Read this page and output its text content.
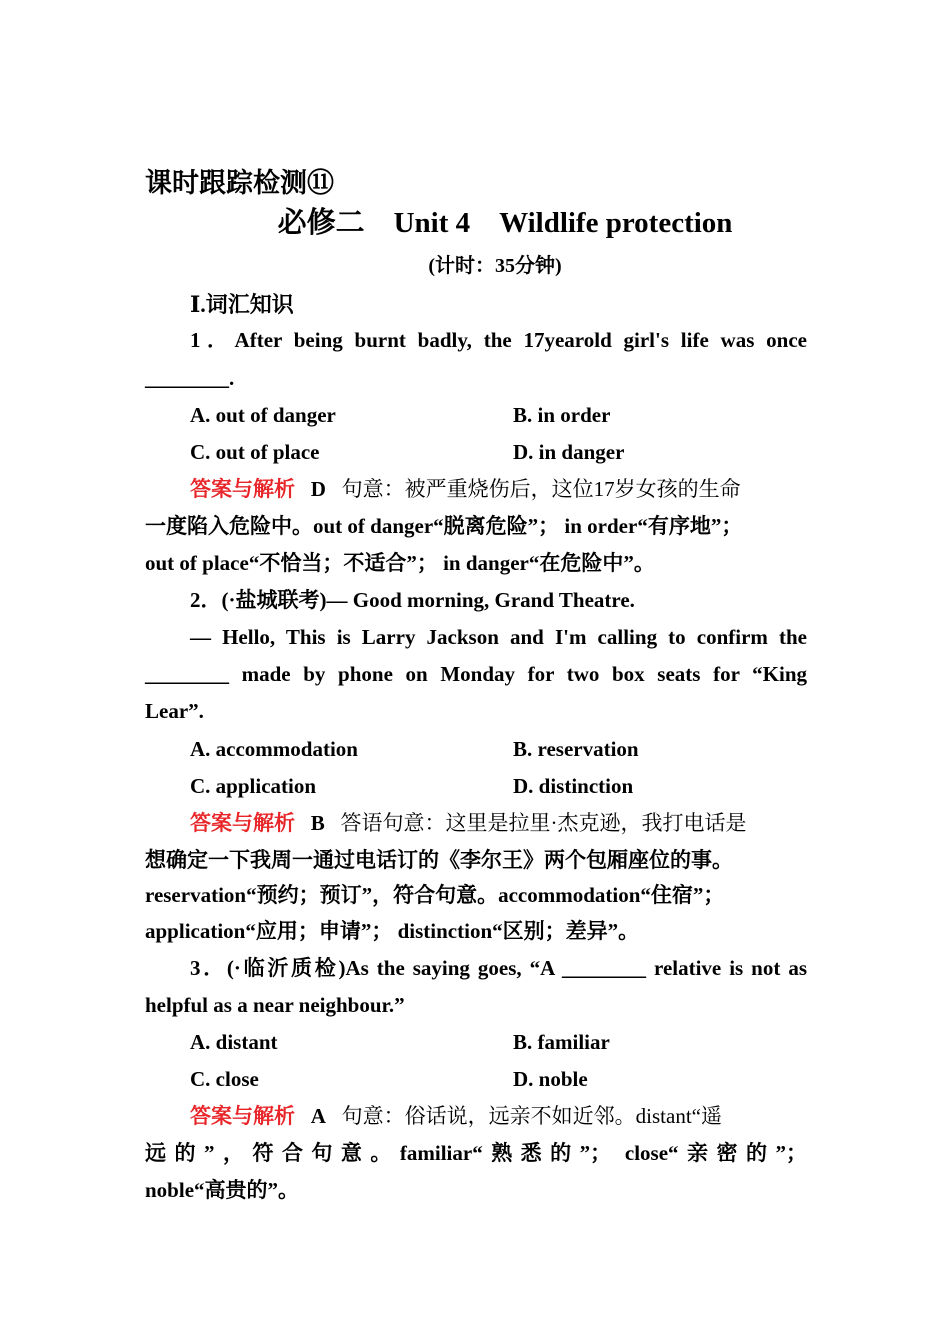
课时跟踪检测⑪
必修二　Unit 4　Wildlife protection
(计时：35分钟)
Ⅰ.词汇知识
1．After being burnt badly, the 17yearold girl's life was once
________.
A. out of danger	B. in order
C. out of place	D. in danger
答案与解析 D 句意：被严重烧伤后，这位17岁女孩的生命
一度陷入危险中。out of danger“脱离危险”； in order“有序地”；
out of place“不恰当；不适合”； in danger“在危险中”。
2．(·盐城联考)— Good morning, Grand Theatre.
— Hello, This is Larry Jackson and I'm calling to confirm the
________ made by phone on Monday for two box seats for “King
Lear”.
A. accommodation	B. reservation
C. application	D. distinction
答案与解析 B 答语句意：这里是拉里·杰克逊，我打电话是
想确定一下我周一通过电话订的《李尔王》两个包厢座位的事。
reservation“预约；预订”，符合句意。accommodation“住宿”；
application“应用；申请”； distinction“区别；差异”。
3．(·临沂质检)As the saying goes, “A ________ relative is not as
helpful as a near neighbour.”
A. distant	B. familiar
C. close	D. noble
答案与解析 A 句意：俗话说，远亲不如近邻。distant“遥
远的”，符合句意。familiar“熟悉的”； close“亲密的”；
noble“高贵的”。
